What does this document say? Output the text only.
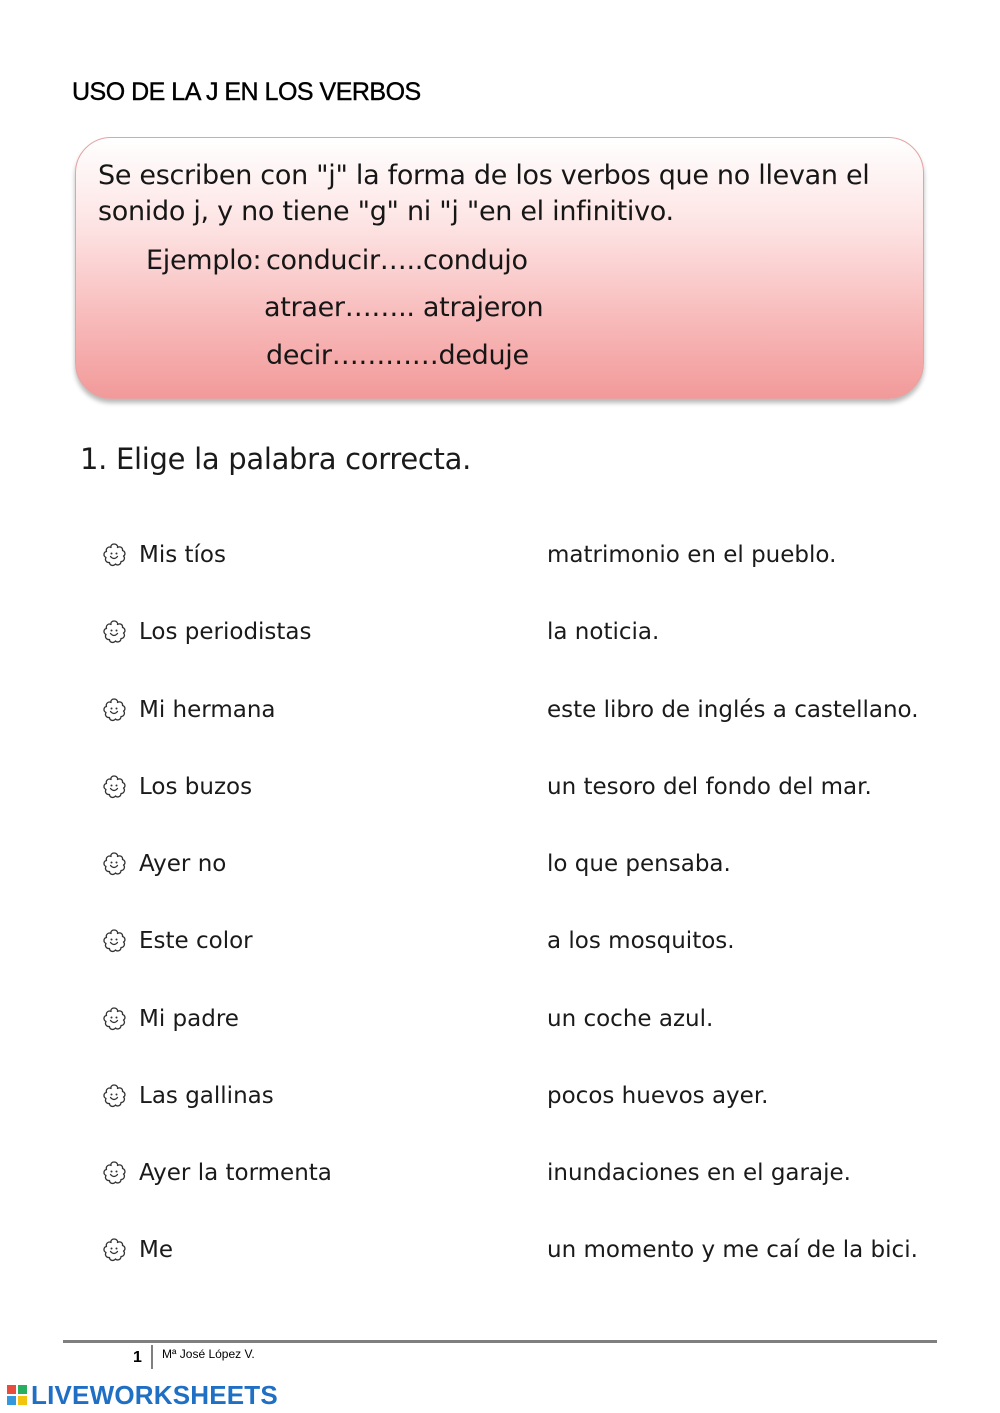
USO DE LA J EN LOS VERBOS
Se escriben con "j" la forma de los verbos que no llevan el sonido j, y no tiene "g" ni "j "en el infinitivo.
Ejemplo: conducir…..condujo
atraer…….. atrajeron
decir…………deduje
1. Elige la palabra correcta.
Mis tíos	matrimonio en el pueblo.
Los periodistas	la noticia.
Mi hermana	este libro de inglés a castellano.
Los buzos	un tesoro del fondo del mar.
Ayer no	lo que pensaba.
Este color	a los mosquitos.
Mi padre	un coche azul.
Las gallinas	pocos huevos ayer.
Ayer la tormenta	inundaciones en el garaje.
Me	un momento y me caí de la bici.
1 Mª José López V.
LIVEWORKSHEETS
